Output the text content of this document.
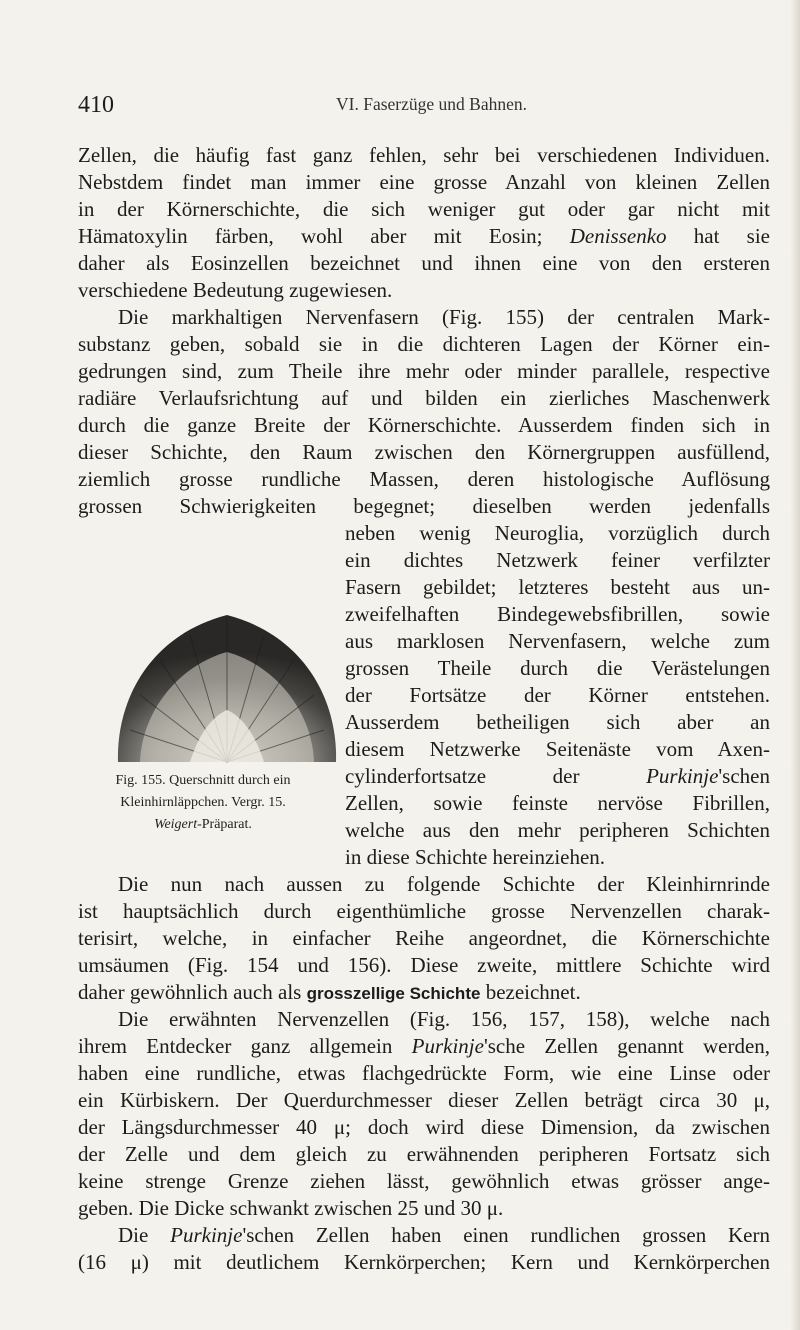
410	VI. Faserzüge und Bahnen.
Zellen, die häufig fast ganz fehlen, sehr bei verschiedenen Individuen.
Nebstdem findet man immer eine grosse Anzahl von kleinen Zellen
in der Körnerschichte, die sich weniger gut oder gar nicht mit
Hämatoxylin färben, wohl aber mit Eosin; Denissenko hat sie
daher als Eosinzellen bezeichnet und ihnen eine von den ersteren
verschiedene Bedeutung zugewiesen.
Die markhaltigen Nervenfasern (Fig. 155) der centralen Mark-
substanz geben, sobald sie in die dichteren Lagen der Körner ein-
gedrungen sind, zum Theile ihre mehr oder minder parallele, respective
radiäre Verlaufsrichtung auf und bilden ein zierliches Maschenwerk
durch die ganze Breite der Körnerschichte. Ausserdem finden sich in
dieser Schichte, den Raum zwischen den Körnergruppen ausfüllend,
ziemlich grosse rundliche Massen, deren histologische Auflösung
grossen Schwierigkeiten begegnet; dieselben werden jedenfalls
neben wenig Neuroglia, vorzüglich durch
ein dichtes Netzwerk feiner verfilzter
Fasern gebildet; letzteres besteht aus un-
zweifelhaften Bindegewebsfibrillen, sowie
aus marklosen Nervenfasern, welche zum
grossen Theile durch die Verästelungen
der Fortsätze der Körner entstehen.
Ausserdem betheiligen sich aber an
diesem Netzwerke Seitenäste vom Axen-
cylinderfortsatze der	Purkinje'schen
Zellen, sowie feinste nervöse Fibrillen,
welche aus den mehr peripheren Schichten
in diese Schichte hereinziehen.
Fig. 155. Querschnitt durch ein
Kleinhirnläppchen. Vergr. 15.
Weigert-Präparat.
Die nun nach aussen zu folgende Schichte der Kleinhirnrinde
ist hauptsächlich durch eigenthümliche grosse Nervenzellen charak-
terisirt, welche, in einfacher Reihe angeordnet, die Körnerschichte
umsäumen (Fig. 154 und 156). Diese zweite, mittlere Schichte wird
daher gewöhnlich auch als grosszellige Schichte bezeichnet.
Die erwähnten Nervenzellen (Fig. 156, 157, 158), welche nach
ihrem Entdecker ganz allgemein Purkinje'sche Zellen genannt werden,
haben eine rundliche, etwas flachgedrückte Form, wie eine Linse oder
ein Kürbiskern. Der Querdurchmesser dieser Zellen beträgt circa 30 μ,
der Längsdurchmesser 40 μ; doch wird diese Dimension, da zwischen
der Zelle und dem gleich zu erwähnenden peripheren Fortsatz sich
keine strenge Grenze ziehen lässt, gewöhnlich etwas grösser ange-
geben. Die Dicke schwankt zwischen 25 und 30 μ.
Die Purkinje'schen Zellen haben einen rundlichen grossen Kern
(16 μ) mit deutlichem Kernkörperchen; Kern und Kernkörperchen
